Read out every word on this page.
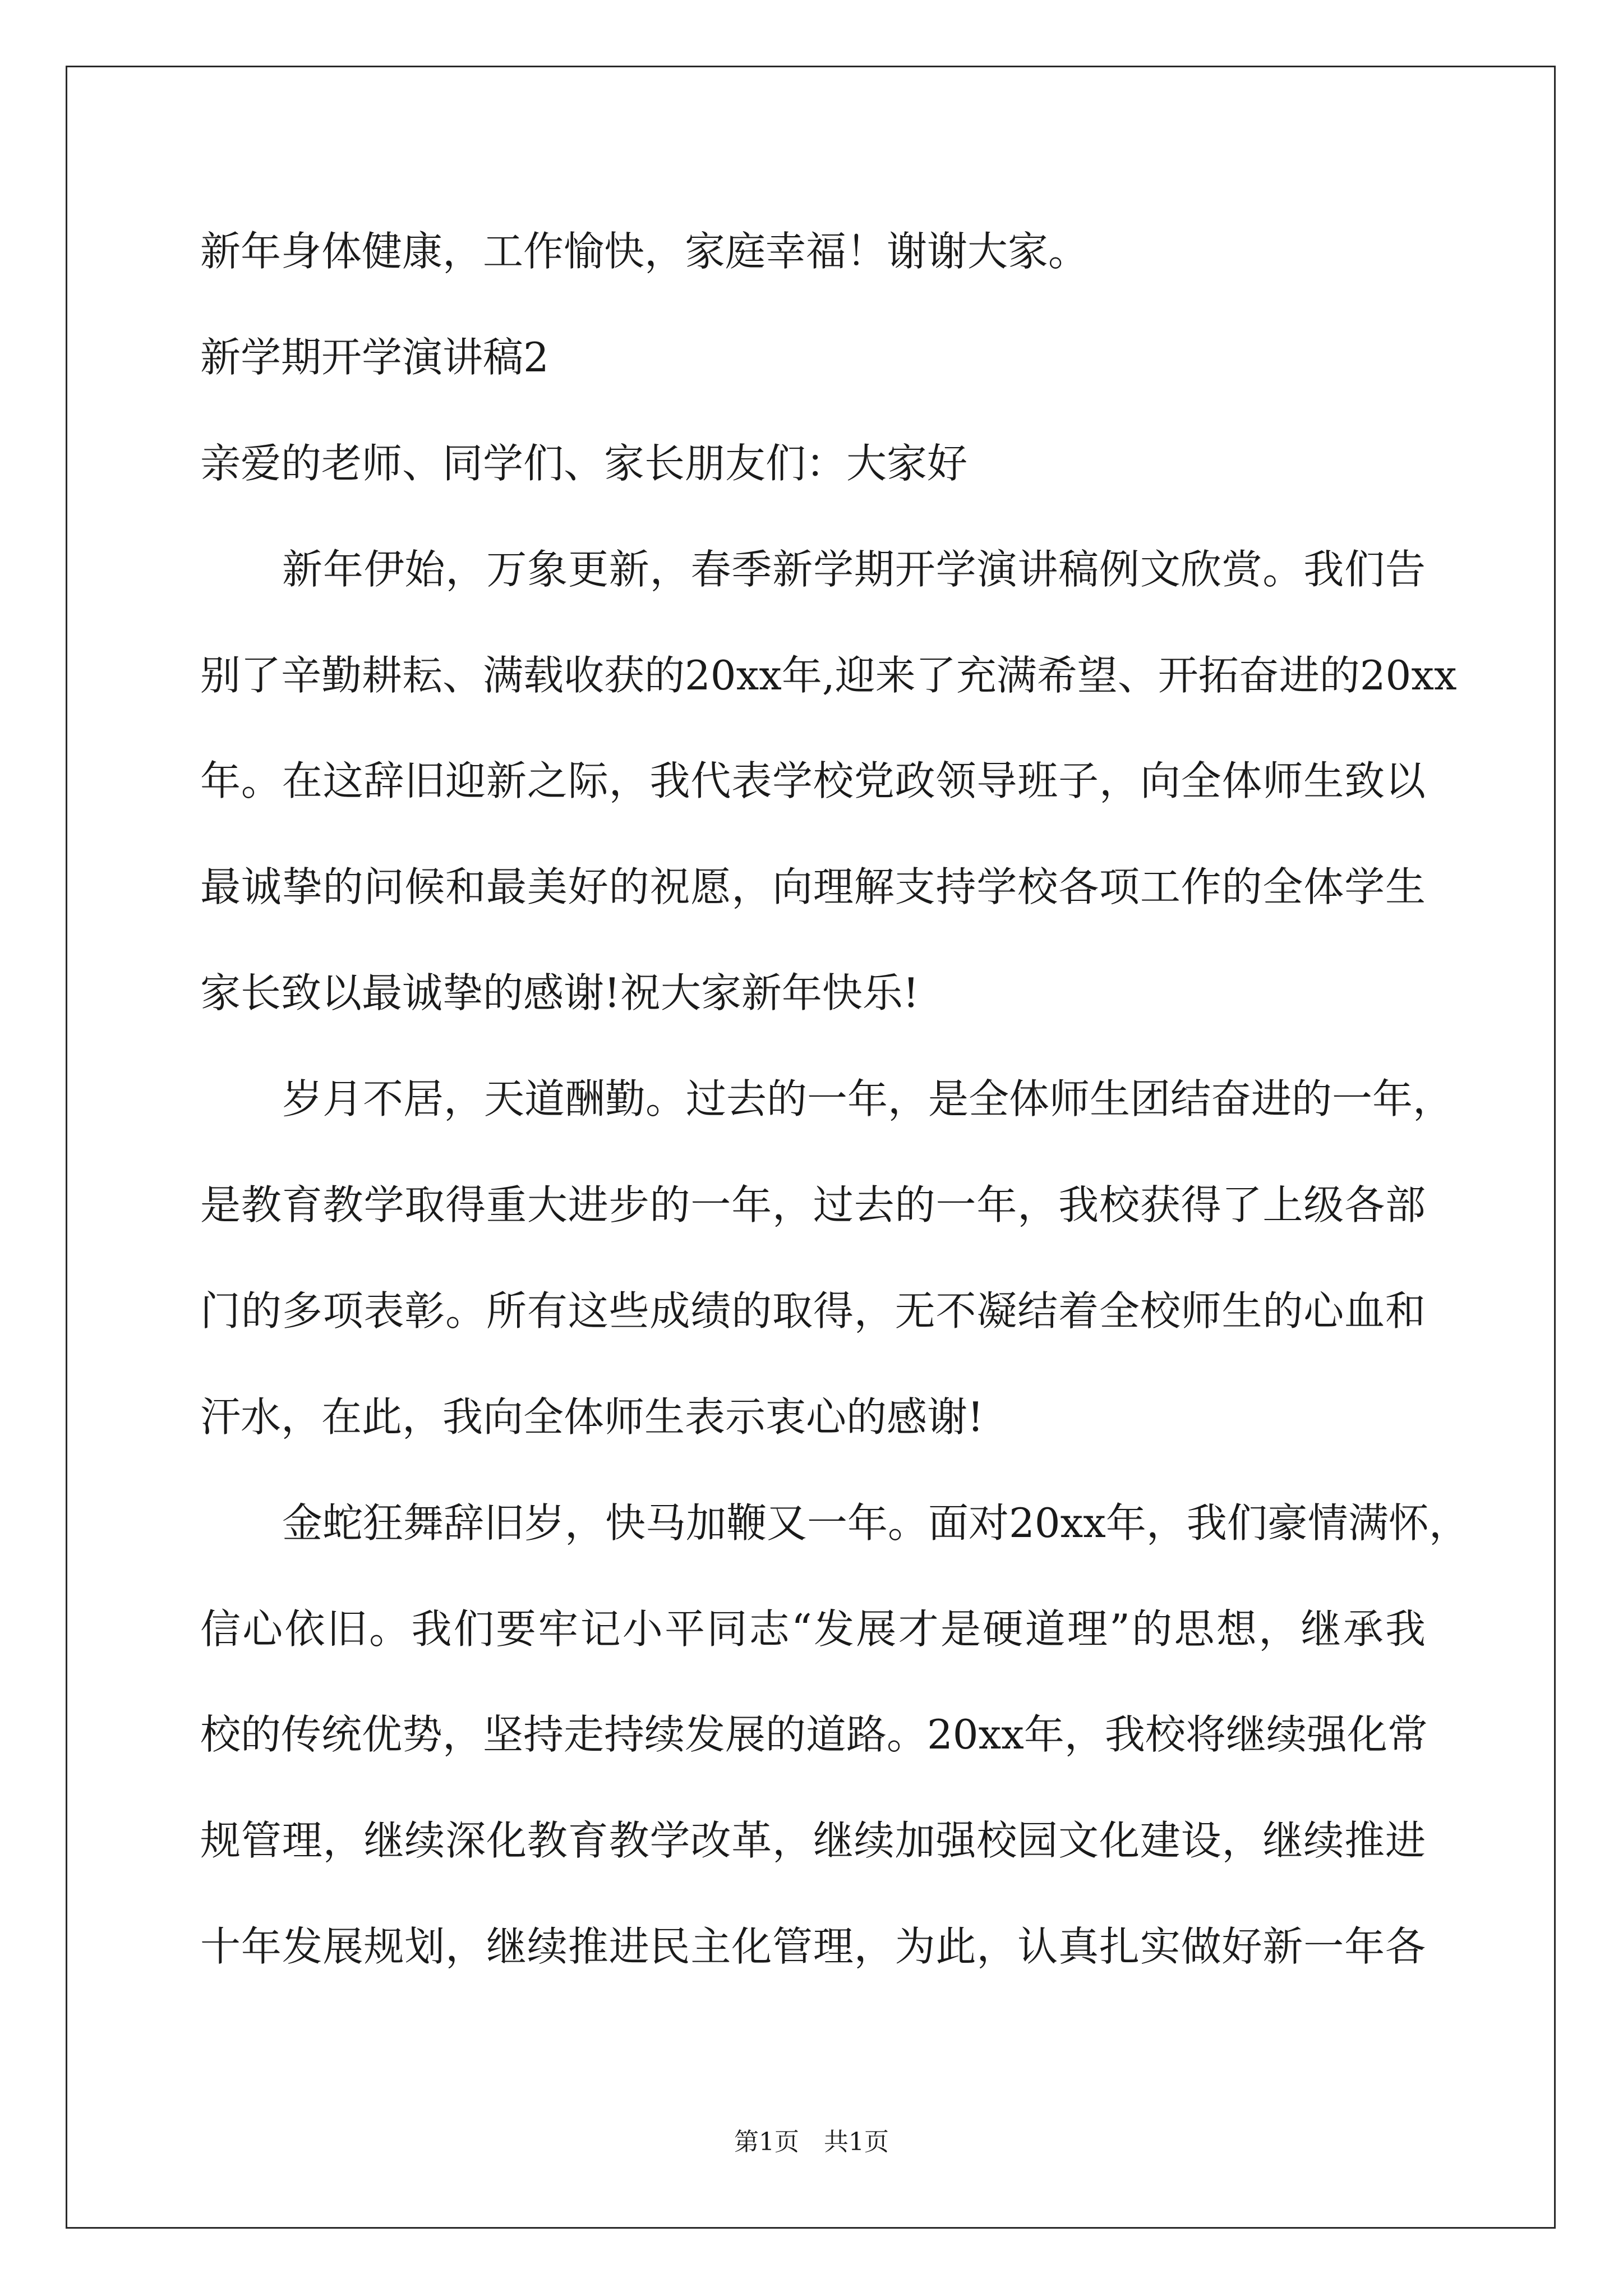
新年身体健康，工作愉快，家庭幸福！谢谢大家。
新学期开学演讲稿2
亲爱的老师、同学们、家长朋友们：大家好
新年伊始，万象更新，春季新学期开学演讲稿例文欣赏。我们告
别了辛勤耕耘、满载收获的20xx年,迎来了充满希望、开拓奋进的20xx
年。在这辞旧迎新之际，我代表学校党政领导班子，向全体师生致以
最诚挚的问候和最美好的祝愿，向理解支持学校各项工作的全体学生
家长致以最诚挚的感谢!祝大家新年快乐!
岁月不居，天道酬勤。过去的一年，是全体师生团结奋进的一年，
是教育教学取得重大进步的一年，过去的一年，我校获得了上级各部
门的多项表彰。所有这些成绩的取得，无不凝结着全校师生的心血和
汗水，在此，我向全体师生表示衷心的感谢!
金蛇狂舞辞旧岁，快马加鞭又一年。面对20xx年，我们豪情满怀，
信心依旧。我们要牢记小平同志“发展才是硬道理”的思想，继承我
校的传统优势，坚持走持续发展的道路。20xx年，我校将继续强化常
规管理，继续深化教育教学改革，继续加强校园文化建设，继续推进
十年发展规划，继续推进民主化管理，为此，认真扎实做好新一年各
第1页　共1页
